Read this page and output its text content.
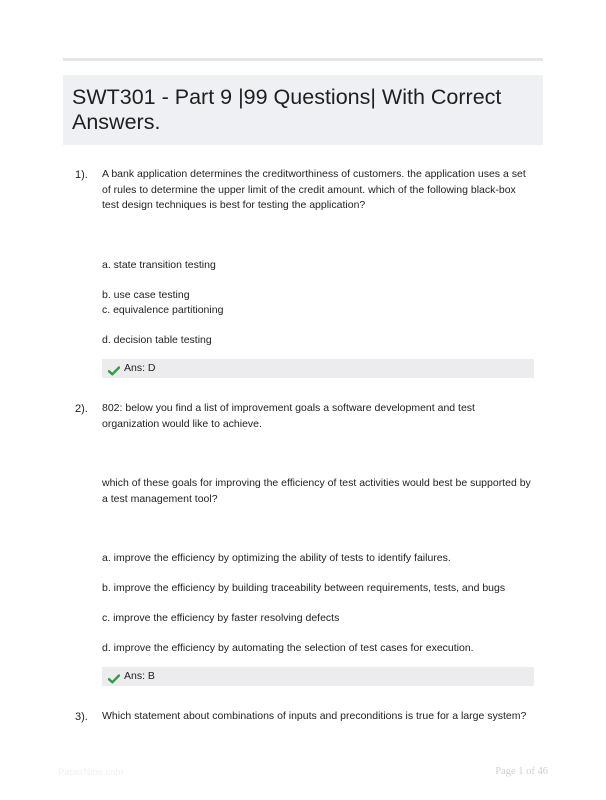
SWT301 - Part 9 |99 Questions| With Correct Answers.
1). A bank application determines the creditworthiness of customers. the application uses a set of rules to determine the upper limit of the credit amount. which of the following black-box test design techniques is best for testing the application?
a. state transition testing
b. use case testing
c. equivalence partitioning
d. decision table testing
Ans: D
2). 802: below you find a list of improvement goals a software development and test organization would like to achieve.
which of these goals for improving the efficiency of test activities would best be supported by a test management tool?
a. improve the efficiency by optimizing the ability of tests to identify failures.
b. improve the efficiency by building traceability between requirements, tests, and bugs
c. improve the efficiency by faster resolving defects
d. improve the efficiency by automating the selection of test cases for execution.
Ans: B
3). Which statement about combinations of inputs and preconditions is true for a large system?
PaperNibe.com	Page 1 of 46
